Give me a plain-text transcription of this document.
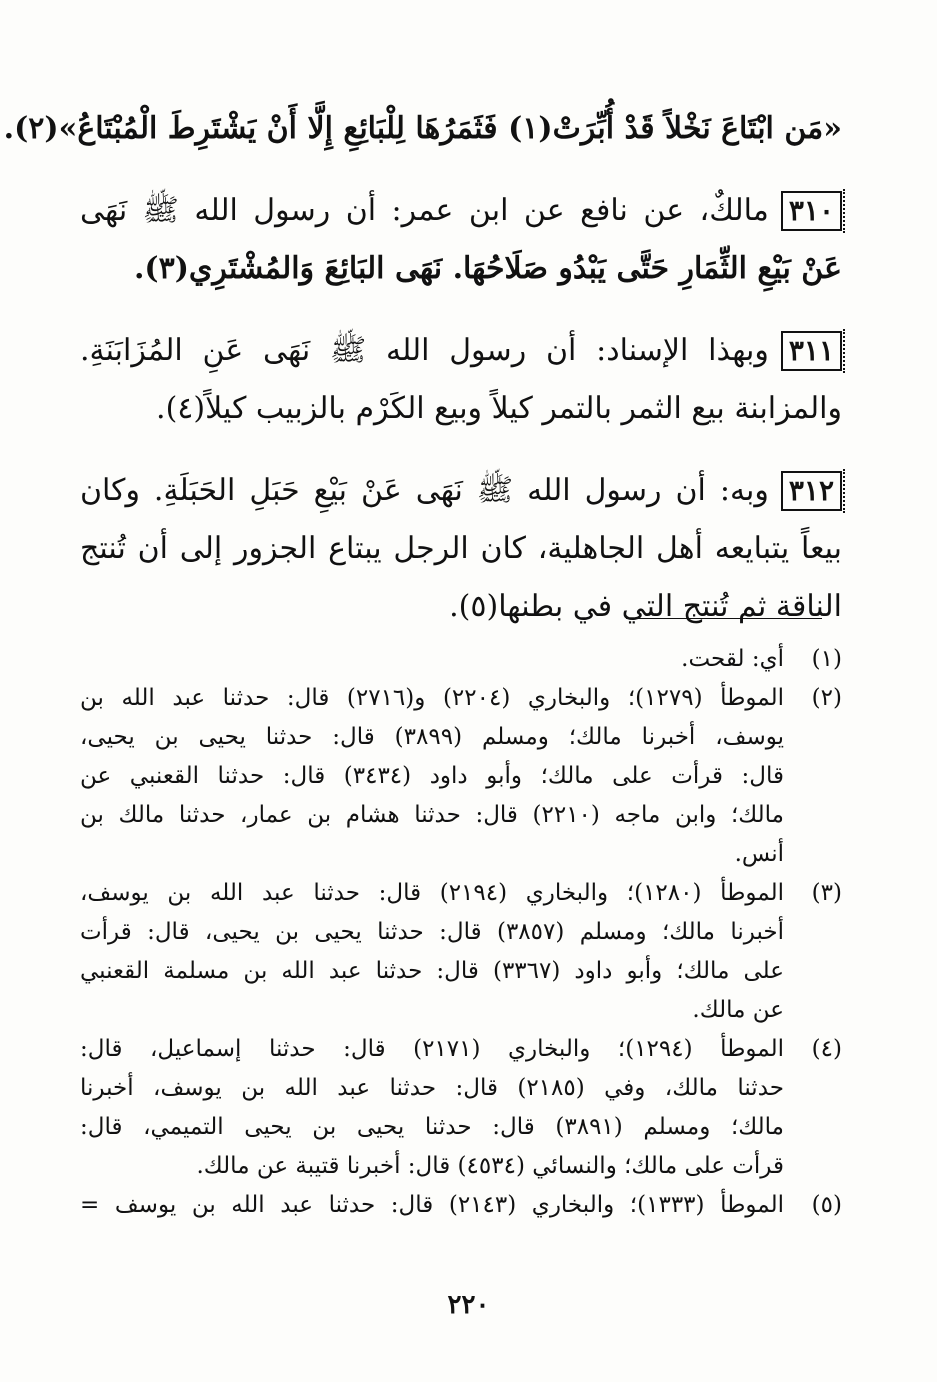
«مَن ابْتَاعَ نَخْلاً قَدْ أُبِّرَتْ(١) فَثَمَرُهَا لِلْبَائِعِ إِلَّا أَنْ يَشْتَرِطَ الْمُبْتَاعُ»(٢).
٣١٠مالكٌ، عن نافع عن ابن عمر: أن رسول الله ﷺ نَهَى
عَنْ بَيْعِ الثِّمَارِ حَتَّى يَبْدُو صَلَاحُهَا. نَهَى البَائِعَ وَالمُشْتَرِي(٣).
٣١١وبهذا الإسناد: أن رسول الله ﷺ نَهَى عَنِ المُزَابَنَةِ.
والمزابنة بيع الثمر بالتمر كيلاً وبيع الكَرْم بالزبيب كيلاً(٤).
٣١٢وبه: أن رسول الله ﷺ نَهَى عَنْ بَيْعِ حَبَلِ الحَبَلَةِ. وكان
بيعاً يتبايعه أهل الجاهلية، كان الرجل يبتاع الجزور إلى أن تُنتج
الناقة ثم تُنتج التي في بطنها(٥).
(١)
أي: لقحت.
(٢)
الموطأ (١٢٧٩)؛ والبخاري (٢٢٠٤) و(٢٧١٦) قال: حدثنا عبد الله بن
يوسف، أخبرنا مالك؛ ومسلم (٣٨٩٩) قال: حدثنا يحيى بن يحيى،
قال: قرأت على مالك؛ وأبو داود (٣٤٣٤) قال: حدثنا القعنبي عن
مالك؛ وابن ماجه (٢٢١٠) قال: حدثنا هشام بن عمار، حدثنا مالك بن
أنس.
(٣)
الموطأ (١٢٨٠)؛ والبخاري (٢١٩٤) قال: حدثنا عبد الله بن يوسف،
أخبرنا مالك؛ ومسلم (٣٨٥٧) قال: حدثنا يحيى بن يحيى، قال: قرأت
على مالك؛ وأبو داود (٣٣٦٧) قال: حدثنا عبد الله بن مسلمة القعنبي
عن مالك.
(٤)
الموطأ (١٢٩٤)؛ والبخاري (٢١٧١) قال: حدثنا إسماعيل، قال:
حدثنا مالك، وفي (٢١٨٥) قال: حدثنا عبد الله بن يوسف، أخبرنا
مالك؛ ومسلم (٣٨٩١) قال: حدثنا يحيى بن يحيى التميمي، قال:
قرأت على مالك؛ والنسائي (٤٥٣٤) قال: أخبرنا قتيبة عن مالك.
(٥)
الموطأ (١٣٣٣)؛ والبخاري (٢١٤٣) قال: حدثنا عبد الله بن يوسف =
٢٢٠
